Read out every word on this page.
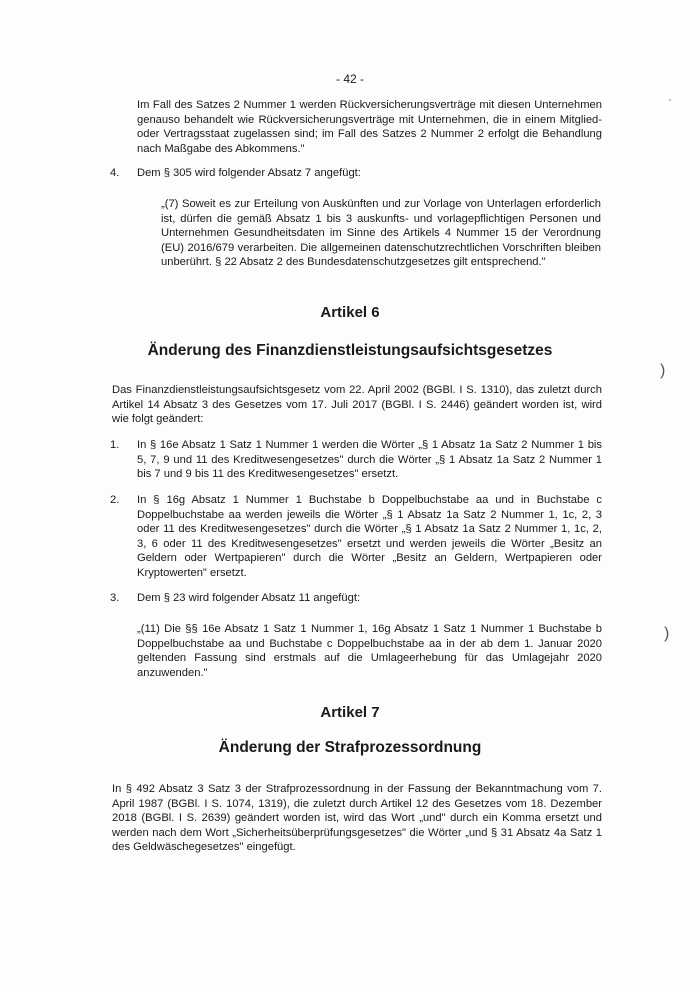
- 42 -
Im Fall des Satzes 2 Nummer 1 werden Rückversicherungsverträge mit diesen Unternehmen genauso behandelt wie Rückversicherungsverträge mit Unternehmen, die in einem Mitglied- oder Vertragsstaat zugelassen sind; im Fall des Satzes 2 Nummer 2 erfolgt die Behandlung nach Maßgabe des Abkommens."
4. Dem § 305 wird folgender Absatz 7 angefügt:
„(7) Soweit es zur Erteilung von Auskünften und zur Vorlage von Unterlagen erforderlich ist, dürfen die gemäß Absatz 1 bis 3 auskunfts- und vorlagepflichtigen Personen und Unternehmen Gesundheitsdaten im Sinne des Artikels 4 Nummer 15 der Verordnung (EU) 2016/679 verarbeiten. Die allgemeinen datenschutzrechtlichen Vorschriften bleiben unberührt. § 22 Absatz 2 des Bundesdatenschutzgesetzes gilt entsprechend."
Artikel 6
Änderung des Finanzdienstleistungsaufsichtsgesetzes
Das Finanzdienstleistungsaufsichtsgesetz vom 22. April 2002 (BGBl. I S. 1310), das zuletzt durch Artikel 14 Absatz 3 des Gesetzes vom 17. Juli 2017 (BGBl. I S. 2446) geändert worden ist, wird wie folgt geändert:
1. In § 16e Absatz 1 Satz 1 Nummer 1 werden die Wörter „§ 1 Absatz 1a Satz 2 Nummer 1 bis 5, 7, 9 und 11 des Kreditwesengesetzes" durch die Wörter „§ 1 Absatz 1a Satz 2 Nummer 1 bis 7 und 9 bis 11 des Kreditwesengesetzes" ersetzt.
2. In § 16g Absatz 1 Nummer 1 Buchstabe b Doppelbuchstabe aa und in Buchstabe c Doppelbuchstabe aa werden jeweils die Wörter „§ 1 Absatz 1a Satz 2 Nummer 1, 1c, 2, 3 oder 11 des Kreditwesengesetzes" durch die Wörter „§ 1 Absatz 1a Satz 2 Nummer 1, 1c, 2, 3, 6 oder 11 des Kreditwesengesetzes" ersetzt und werden jeweils die Wörter „Besitz an Geldern oder Wertpapieren" durch die Wörter „Besitz an Geldern, Wertpapieren oder Kryptowerten" ersetzt.
3. Dem § 23 wird folgender Absatz 11 angefügt:
„(11) Die §§ 16e Absatz 1 Satz 1 Nummer 1, 16g Absatz 1 Satz 1 Nummer 1 Buchstabe b Doppelbuchstabe aa und Buchstabe c Doppelbuchstabe aa in der ab dem 1. Januar 2020 geltenden Fassung sind erstmals auf die Umlageerhebung für das Umlagejahr 2020 anzuwenden."
Artikel 7
Änderung der Strafprozessordnung
In § 492 Absatz 3 Satz 3 der Strafprozessordnung in der Fassung der Bekanntmachung vom 7. April 1987 (BGBl. I S. 1074, 1319), die zuletzt durch Artikel 12 des Gesetzes vom 18. Dezember 2018 (BGBl. I S. 2639) geändert worden ist, wird das Wort „und" durch ein Komma ersetzt und werden nach dem Wort „Sicherheitsüberprüfungsgesetzes" die Wörter „und § 31 Absatz 4a Satz 1 des Geldwäschegesetzes" eingefügt.
·
)
)
